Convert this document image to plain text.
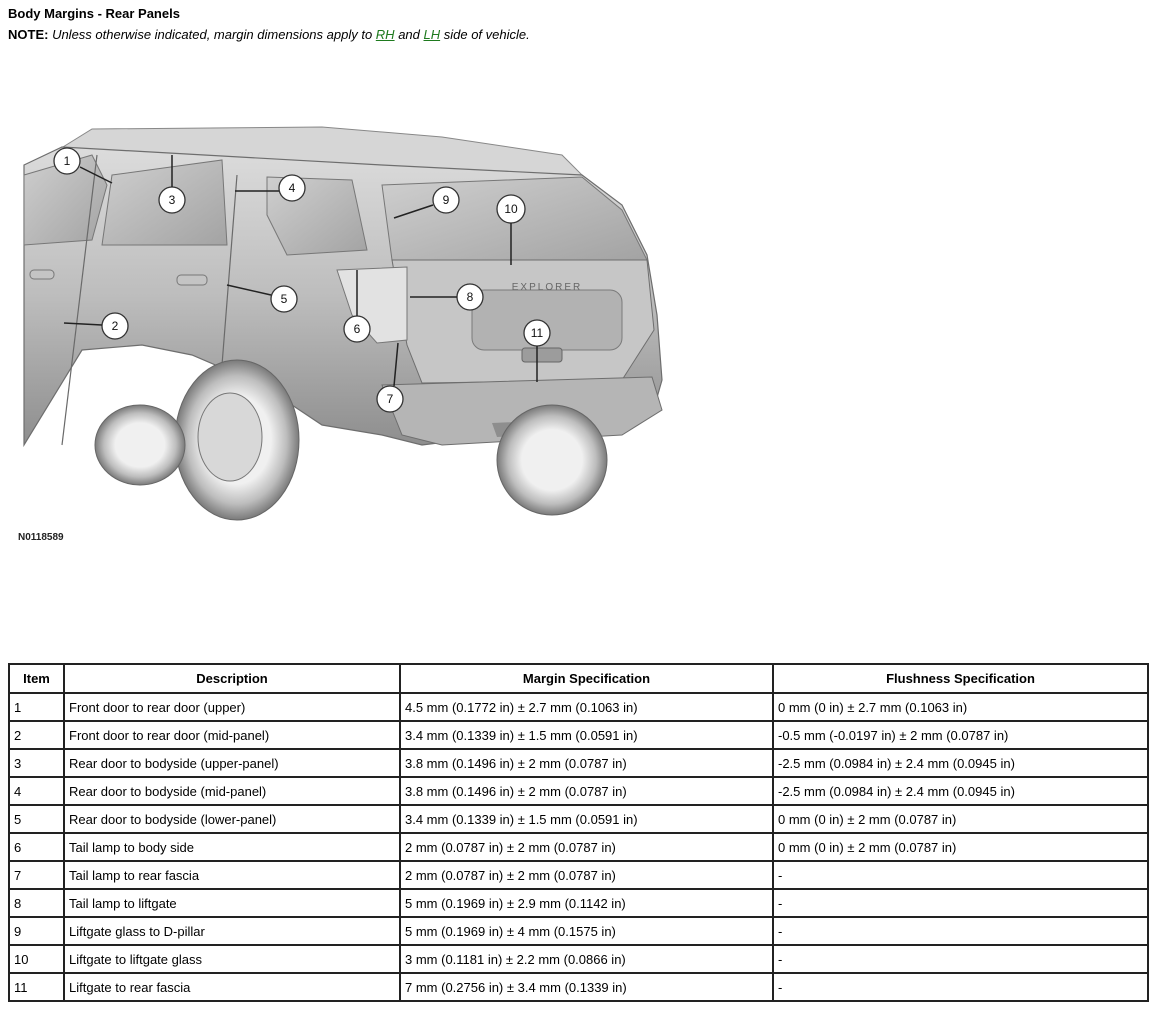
Body Margins - Rear Panels
NOTE: Unless otherwise indicated, margin dimensions apply to RH and LH side of vehicle.
EXPLORER
1
2
3
4
5
6
7
8
9
10
11
N0118589
Item	Description	Margin Specification	Flushness Specification
1	Front door to rear door (upper)	4.5 mm (0.1772 in) ± 2.7 mm (0.1063 in)	0 mm (0 in) ± 2.7 mm (0.1063 in)
2	Front door to rear door (mid-panel)	3.4 mm (0.1339 in) ± 1.5 mm (0.0591 in)	-0.5 mm (-0.0197 in) ± 2 mm (0.0787 in)
3	Rear door to bodyside (upper-panel)	3.8 mm (0.1496 in) ± 2 mm (0.0787 in)	-2.5 mm (0.0984 in) ± 2.4 mm (0.0945 in)
4	Rear door to bodyside (mid-panel)	3.8 mm (0.1496 in) ± 2 mm (0.0787 in)	-2.5 mm (0.0984 in) ± 2.4 mm (0.0945 in)
5	Rear door to bodyside (lower-panel)	3.4 mm (0.1339 in) ± 1.5 mm (0.0591 in)	0 mm (0 in) ± 2 mm (0.0787 in)
6	Tail lamp to body side	2 mm (0.0787 in) ± 2 mm (0.0787 in)	0 mm (0 in) ± 2 mm (0.0787 in)
7	Tail lamp to rear fascia	2 mm (0.0787 in) ± 2 mm (0.0787 in)	-
8	Tail lamp to liftgate	5 mm (0.1969 in) ± 2.9 mm (0.1142 in)	-
9	Liftgate glass to D-pillar	5 mm (0.1969 in) ± 4 mm (0.1575 in)	-
10	Liftgate to liftgate glass	3 mm (0.1181 in) ± 2.2 mm (0.0866 in)	-
11	Liftgate to rear fascia	7 mm (0.2756 in) ± 3.4 mm (0.1339 in)	-
